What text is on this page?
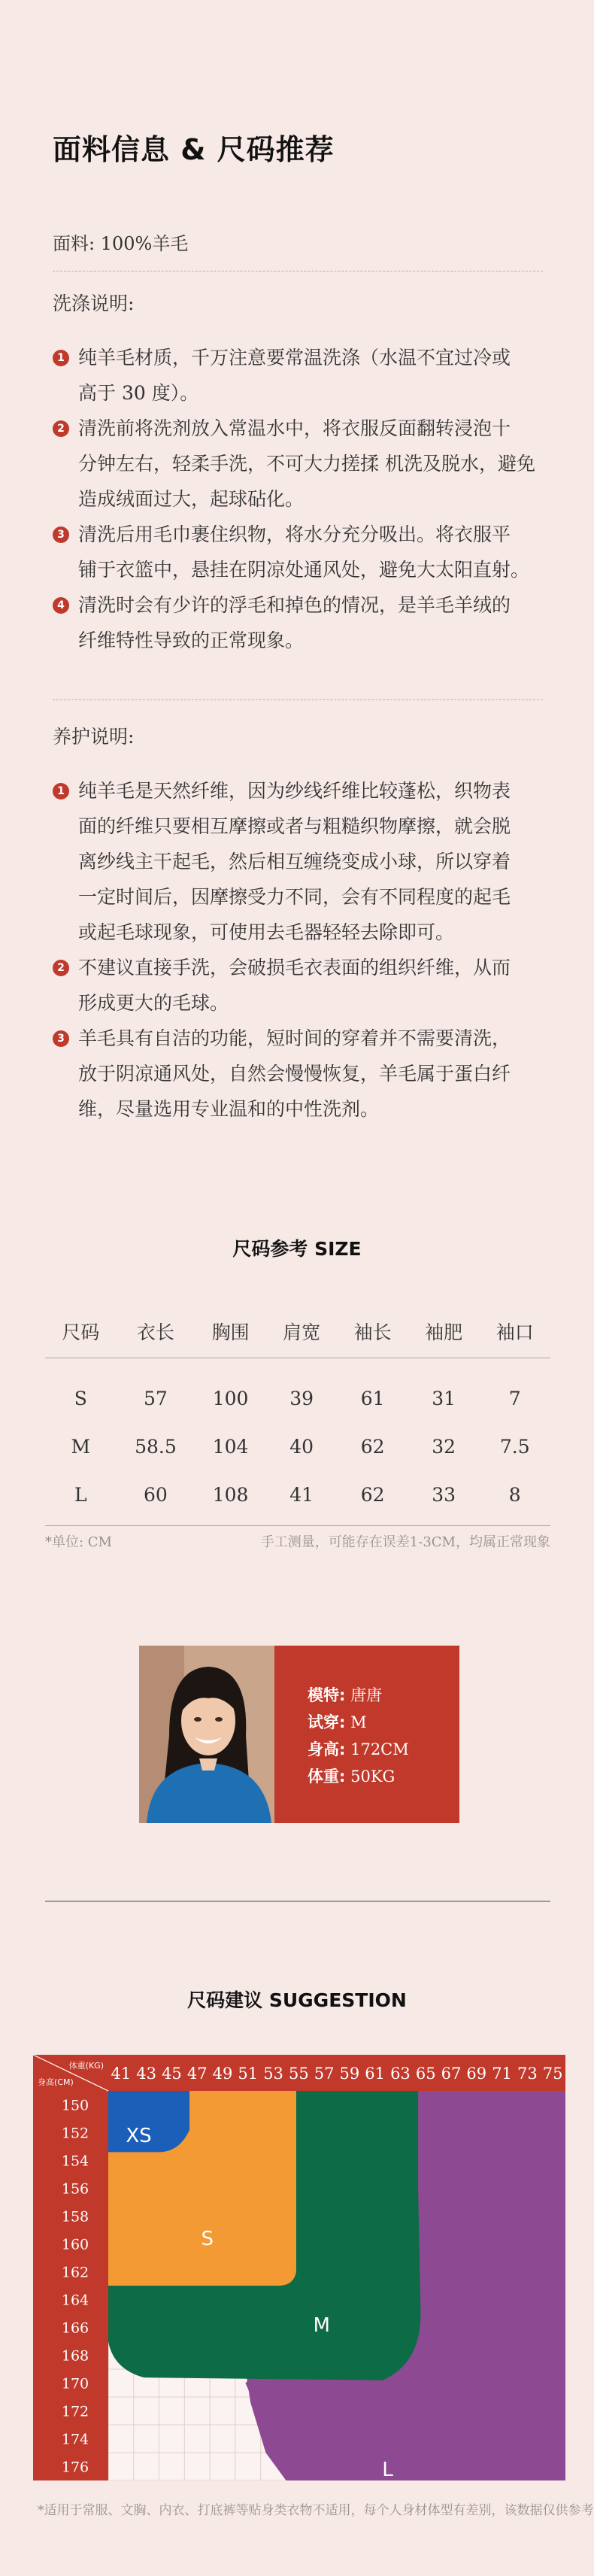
面料信息 & 尺码推荐
面料: 100%羊毛
洗涤说明:
1 纯羊毛材质，千万注意要常温洗涤（水温不宜过冷或
高于 30 度）。
2 清洗前将洗剂放入常温水中，将衣服反面翻转浸泡十
分钟左右，轻柔手洗，不可大力搓揉 机洗及脱水，避免
造成绒面过大，起球砧化。
3 清洗后用毛巾裹住织物，将水分充分吸出。将衣服平
铺于衣篮中，悬挂在阴凉处通风处，避免大太阳直射。
4 清洗时会有少许的浮毛和掉色的情况，是羊毛羊绒的
纤维特性导致的正常现象。
养护说明:
1 纯羊毛是天然纤维，因为纱线纤维比较蓬松，织物表
面的纤维只要相互摩擦或者与粗糙织物摩擦，就会脱
离纱线主干起毛，然后相互缠绕变成小球，所以穿着
一定时间后，因摩擦受力不同，会有不同程度的起毛
或起毛球现象，可使用去毛器轻轻去除即可。
2 不建议直接手洗，会破损毛衣表面的组织纤维，从而
形成更大的毛球。
3 羊毛具有自洁的功能，短时间的穿着并不需要清洗，
放于阴凉通风处，自然会慢慢恢复，羊毛属于蛋白纤
维，尽量选用专业温和的中性洗剂。
尺码参考 SIZE
尺码	衣长	胸围	肩宽	袖长	袖肥	袖口
S	57	100	39	61	31	7
M	58.5	104	40	62	32	7.5
L	60	108	41	62	33	8
*单位: CM	手工测量，可能存在误差1-3CM，均属正常现象
模特: 唐唐
试穿: M
身高: 172CM
体重: 50KG
尺码建议 SUGGESTION
体重(KG)
身高(CM) 41 43 45 47 49 51 53 55 57 59 61 63 65 67 69 71 73 75
150
152
154
156
158
160
162
164
166
168
170
172
174
176
XS
S
M
L
*适用于常服、文胸、内衣、打底裤等贴身类衣物不适用，每个人身材体型有差别，该数据仅供参考
